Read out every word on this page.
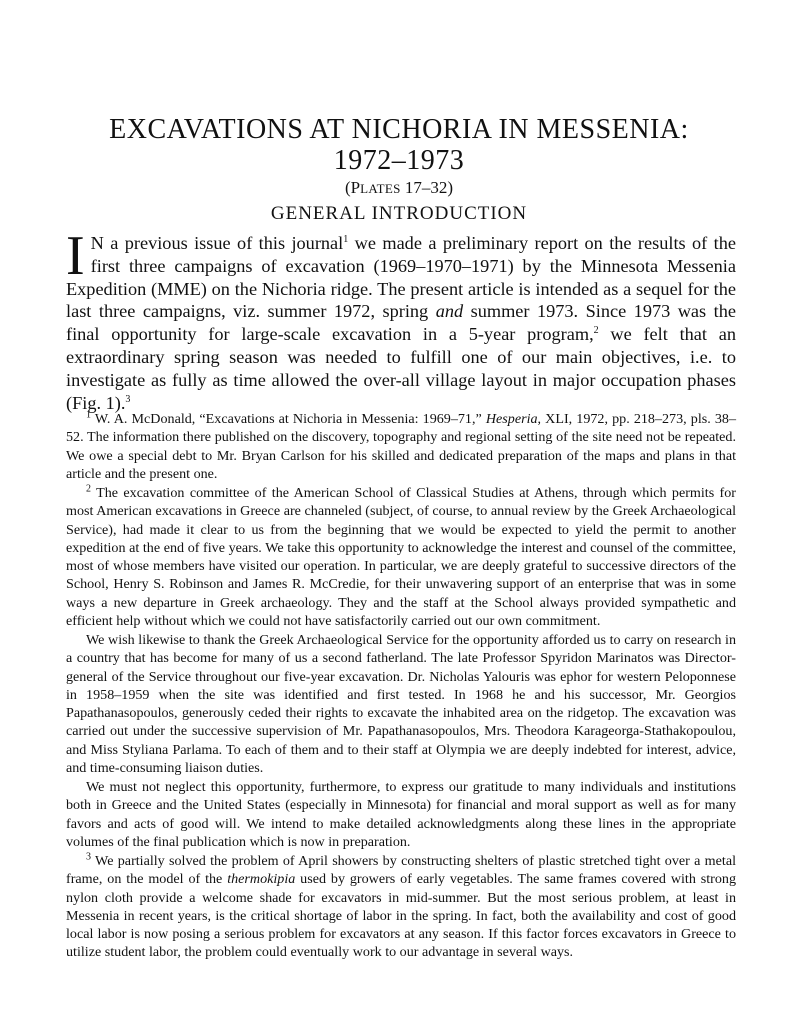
EXCAVATIONS AT NICHORIA IN MESSENIA:
1972–1973
(PLATES 17–32)
GENERAL INTRODUCTION
I N a previous issue of this journal$^1$ we made a preliminary report on the results of the first three campaigns of excavation (1969–1970–1971) by the Minnesota Messenia Expedition (MME) on the Nichoria ridge. The present article is intended as a sequel for the last three campaigns, viz. summer 1972, spring and summer 1973. Since 1973 was the final opportunity for large-scale excavation in a 5-year program,$^2$ we felt that an extraordinary spring season was needed to fulfill one of our main objectives, i.e. to investigate as fully as time allowed the over-all village layout in major occupation phases (Fig. 1).$^3$

$^1$ W. A. McDonald, “Excavations at Nichoria in Messenia: 1969–71,” Hesperia, XLI, 1972, pp. 218–273, pls. 38–52. The information there published on the discovery, topography and regional setting of the site need not be repeated. We owe a special debt to Mr. Bryan Carlson for his skilled and dedicated preparation of the maps and plans in that article and the present one.

$^2$ The excavation committee of the American School of Classical Studies at Athens, through which permits for most American excavations in Greece are channeled (subject, of course, to annual review by the Greek Archaeological Service), had made it clear to us from the beginning that we would be expected to yield the permit to another expedition at the end of five years. We take this opportunity to acknowledge the interest and counsel of the committee, most of whose members have visited our operation. In particular, we are deeply grateful to successive directors of the School, Henry S. Robinson and James R. McCredie, for their unwavering support of an enterprise that was in some ways a new departure in Greek archaeology. They and the staff at the School always provided sympathetic and efficient help without which we could not have satisfactorily carried out our own commitment.

We wish likewise to thank the Greek Archaeological Service for the opportunity afforded us to carry on research in a country that has become for many of us a second fatherland. The late Professor Spyridon Marinatos was Director-general of the Service throughout our five-year excavation. Dr. Nicholas Yalouris was ephor for western Peloponnese in 1958–1959 when the site was identified and first tested. In 1968 he and his successor, Mr. Georgios Papathanasopoulos, generously ceded their rights to excavate the inhabited area on the ridgetop. The excavation was carried out under the successive supervision of Mr. Papathanasopoulos, Mrs. Theodora Karageorga-Stathakopoulou, and Miss Styliana Parlama. To each of them and to their staff at Olympia we are deeply indebted for interest, advice, and time-consuming liaison duties.

We must not neglect this opportunity, furthermore, to express our gratitude to many individuals and institutions both in Greece and the United States (especially in Minnesota) for financial and moral support as well as for many favors and acts of good will. We intend to make detailed acknowledgments along these lines in the appropriate volumes of the final publication which is now in preparation.

$^3$ We partially solved the problem of April showers by constructing shelters of plastic stretched tight over a metal frame, on the model of the thermokipia used by growers of early vegetables. The same frames covered with strong nylon cloth provide a welcome shade for excavators in mid-summer. But the most serious problem, at least in Messenia in recent years, is the critical shortage of labor in the spring. In fact, both the availability and cost of good local labor is now posing a serious problem for excavators at any season. If this factor forces excavators in Greece to utilize student labor, the problem could eventually work to our advantage in several ways.
